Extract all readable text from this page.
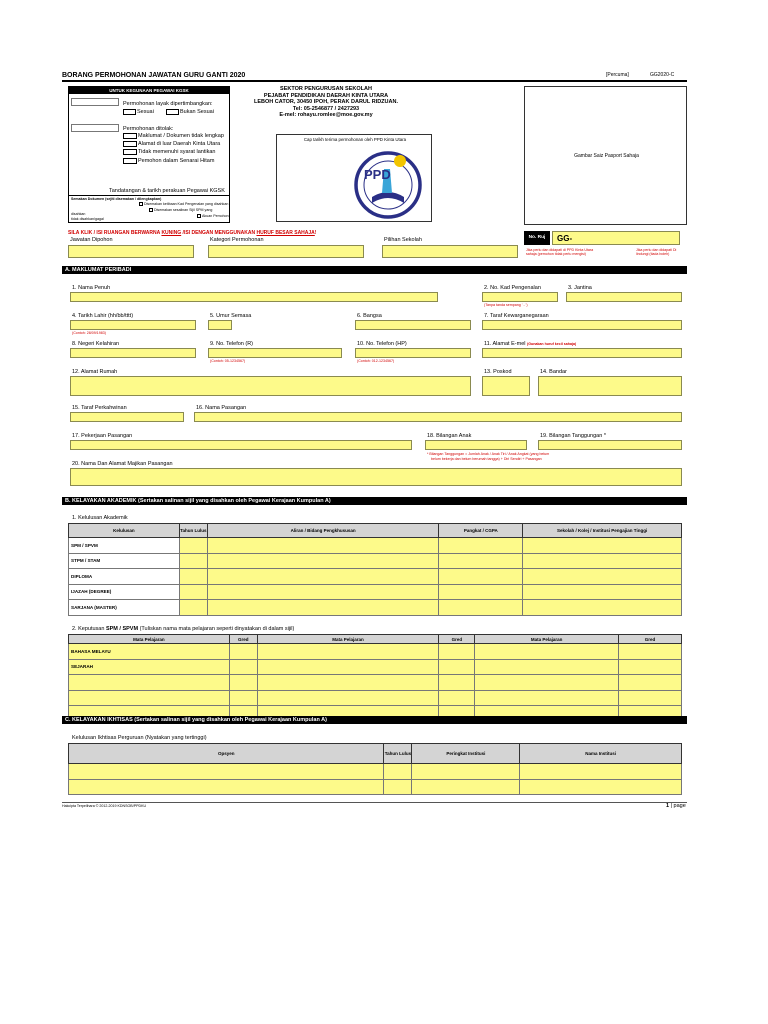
BORANG PERMOHONAN JAWATAN GURU GANTI 2020	[Percuma]	GG2020-C
UNTUK KEGUNAAN PEGAWAI KGSK
Permohonan layak dipertimbangkan:
Sesuai	Bukan Sesuai
Permohonan ditolak:
Maklumat / Dokumen tidak lengkap
Alamat di luar Daerah Kinta Utara
Tidak memenuhi syarat lantikan
Pemohon dalam Senarai Hitam
Tandatangan & tarikh perakuan Pegawai KGSK
Semakan Dokumen (sejiti disemakan / dilengkapkan)
Disemakan ketibaan Kad Pengenalan yang disahkan
Disemakan sesalinan Sijil SPM yang
Akuan Pemohon
disahkan
tidak disahkan/gagal
SEKTOR PENGURUSAN SEKOLAH
PEJABAT PENDIDIKAN DAERAH KINTA UTARA
LEBOH CATOR, 30450 IPOH, PERAK DARUL RIDZUAN.
Tel: 05-2546877 / 2427293
E-mel: rohayu.romlee@moe.gov.my
Cap tarikh terima permohonan oleh PPD Kinta Utara
PPD
Gambar Saiz Pasport Sahaja
SILA KLIK / ISI RUANGAN BERWARNA KUNING /ISI DENGAN MENGGUNAKAN HURUF BESAR SAHAJA!
Jawatan Dipohon	Kategori Permohonan	Pilihan Sekolah	No. Ruj	GG-
Jika perlu dan didapati di PPD Kinta Utara sahaja (pemohon tidak perlu mengisi)
Jika perlu dan didapati Di lindungi (tiada boleh)
A. MAKLUMAT PERIBADI
1. Nama Penuh	2. No. Kad Pengenalan
(Tanpa tanda sempang ' - ')
3. Jantina
4. Tarikh Lahir (hh/bb/tttt)
(Contoh: 28/09/1983)
5. Umur Semasa	6. Bangsa	7. Taraf Kewarganegaraan
8. Negeri Kelahiran	9. No. Telefon (R)
(Contoh: 05-1234567)
10. No. Telefon (HP)
(Contoh: 012-1234567)
11. Alamat E-mel (Gunakan huruf kecil sahaja)
12. Alamat Rumah	13. Poskod	14. Bandar
15. Taraf Perkahwinan	16. Nama Pasangan
17. Pekerjaan Pasangan	18. Bilangan Anak	19. Bilangan Tanggungan *
* Bilangan Tanggungan = Jumlah Anak / Anak Tiri / Anak Angkat (yang belum
belum bekerja dan belum berumah tangga) + Diri Sendiri + Pasangan
20. Nama Dan Alamat Majikan Pasangan
B. KELAYAKAN AKADEMIK (Sertakan salinan sijil yang disahkan oleh Pegawai Kerajaan Kumpulan A)
1. Kelulusan Akademik
Kelulusan	Tahun Lulus	Aliran / Bidang Pengkhususan	Pangkat / CGPA	Sekolah / Kolej / Institusi Pengajian Tinggi
SPM / SPVM				
STPM / STAM				
DIPLOMA				
IJAZAH (DEGREE)				
SARJANA (MASTER)				
2. Keputusan SPM / SPVM (Tuliskan nama mata pelajaran seperti dinyatakan di dalam sijil)
Mata Pelajaran	Gred	Mata Pelajaran	Gred	Mata Pelajaran	Gred
BAHASA MELAYU					
SEJARAH					

C. KELAYAKAN IKHTISAS (Sertakan salinan sijil yang disahkan oleh Pegawai Kerajaan Kumpulan A)
Kelulusan Ikhtisas Perguruan (Nyatakan yang tertinggi)
Opsyen	Tahun Lulus	Peringkat Institusi	Nama Institusi

Hakcipta Terpelihara © 2012-2019 KDNSOB/PPDKU	1 | page
